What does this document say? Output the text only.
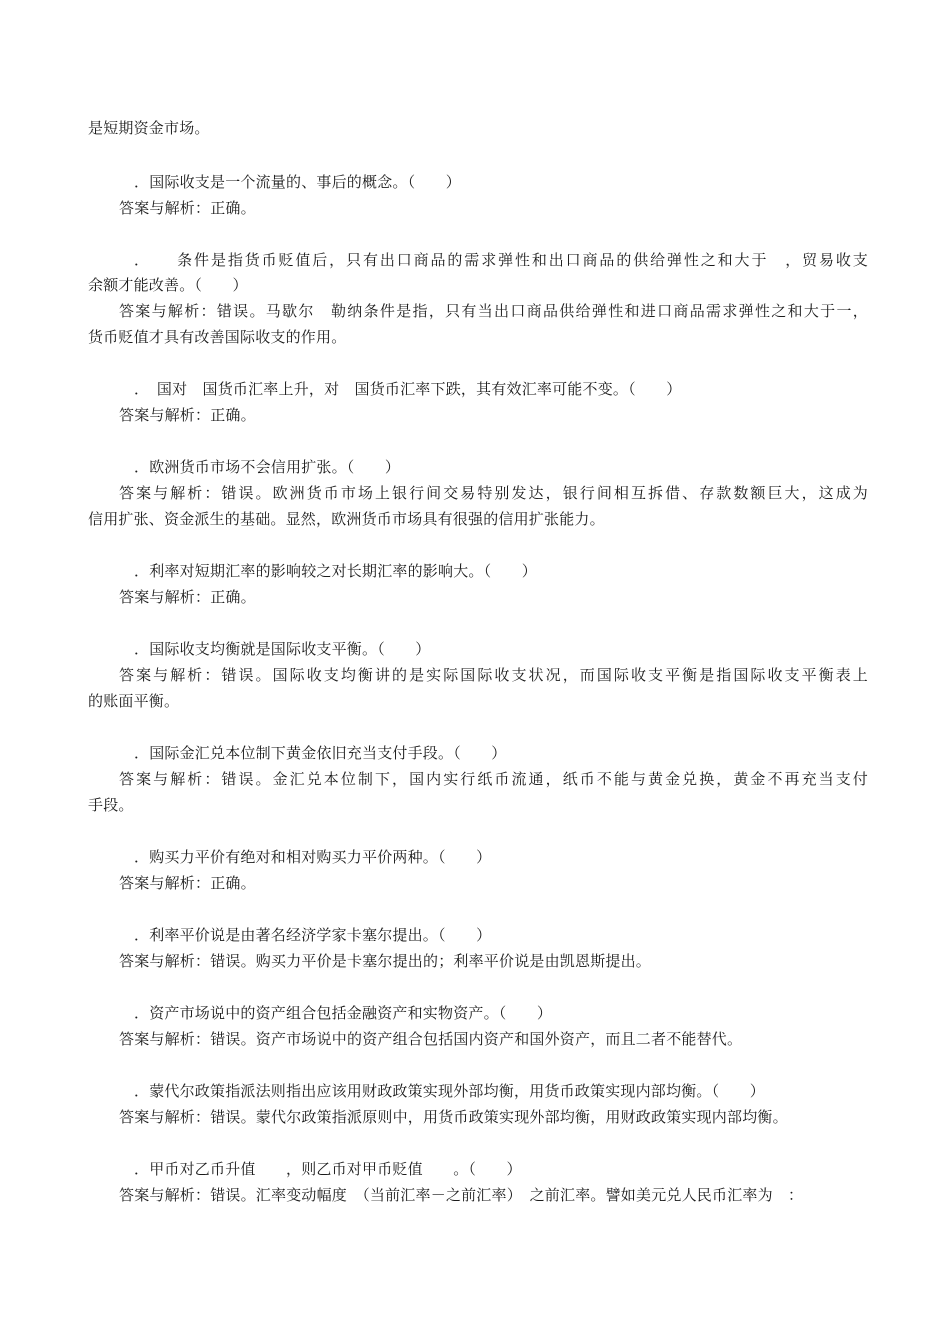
是短期资金市场。
．国际收支是一个流量的、事后的概念。（　　）
答案与解析：正确。
．　　条件是指货币贬值后，只有出口商品的需求弹性和出口商品的供给弹性之和大于　，贸易收支
余额才能改善。（　　）
答案与解析：错误。马歇尔　勒纳条件是指，只有当出口商品供给弹性和进口商品需求弹性之和大于一，
货币贬值才具有改善国际收支的作用。
．　国对　国货币汇率上升，对　国货币汇率下跌，其有效汇率可能不变。（　　）
答案与解析：正确。
．欧洲货币市场不会信用扩张。（　　）
答案与解析：错误。欧洲货币市场上银行间交易特别发达，银行间相互拆借、存款数额巨大，这成为
信用扩张、资金派生的基础。显然，欧洲货币市场具有很强的信用扩张能力。
．利率对短期汇率的影响较之对长期汇率的影响大。（　　）
答案与解析：正确。
．国际收支均衡就是国际收支平衡。（　　）
答案与解析：错误。国际收支均衡讲的是实际国际收支状况，而国际收支平衡是指国际收支平衡表上
的账面平衡。
．国际金汇兑本位制下黄金依旧充当支付手段。（　　）
答案与解析：错误。金汇兑本位制下，国内实行纸币流通，纸币不能与黄金兑换，黄金不再充当支付
手段。
．购买力平价有绝对和相对购买力平价两种。（　　）
答案与解析：正确。
．利率平价说是由著名经济学家卡塞尔提出。（　　）
答案与解析：错误。购买力平价是卡塞尔提出的；利率平价说是由凯恩斯提出。
．资产市场说中的资产组合包括金融资产和实物资产。（　　）
答案与解析：错误。资产市场说中的资产组合包括国内资产和国外资产，而且二者不能替代。
．蒙代尔政策指派法则指出应该用财政政策实现外部均衡，用货币政策实现内部均衡。（　　）
答案与解析：错误。蒙代尔政策指派原则中，用货币政策实现外部均衡，用财政政策实现内部均衡。
．甲币对乙币升值　　，则乙币对甲币贬值　　。（　　）
答案与解析：错误。汇率变动幅度　（当前汇率－之前汇率）　之前汇率。譬如美元兑人民币汇率为　：
